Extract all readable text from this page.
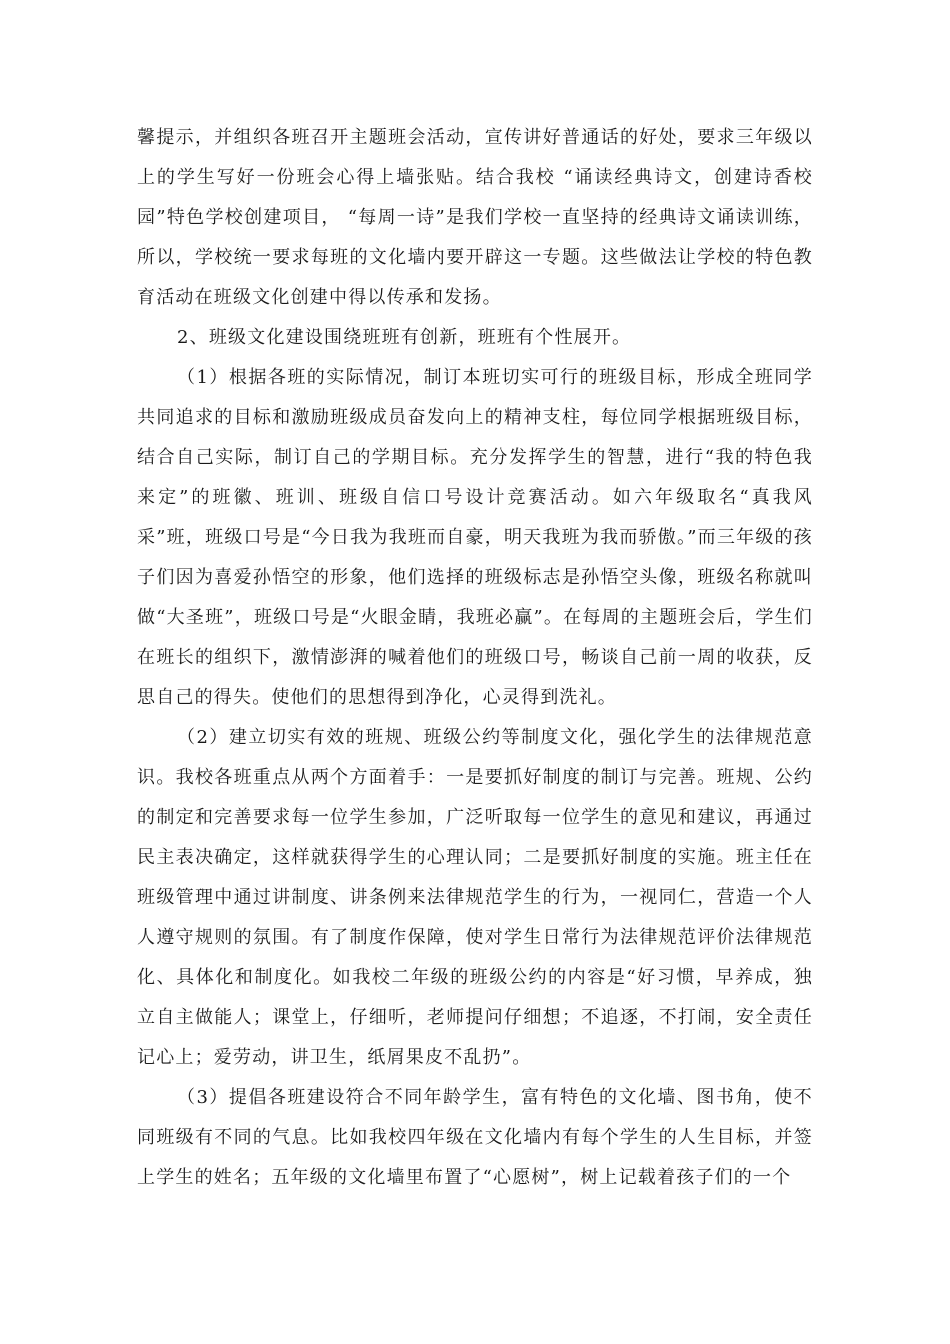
馨提示，并组织各班召开主题班会活动，宣传讲好普通话的好处，要求三年级以上的学生写好一份班会心得上墙张贴。结合我校 “诵读经典诗文，创建诗香校园”特色学校创建项目， “每周一诗”是我们学校一直坚持的经典诗文诵读训练，所以，学校统一要求每班的文化墙内要开辟这一专题。这些做法让学校的特色教育活动在班级文化创建中得以传承和发扬。

2、班级文化建设围绕班班有创新，班班有个性展开。

（1）根据各班的实际情况，制订本班切实可行的班级目标，形成全班同学共同追求的目标和激励班级成员奋发向上的精神支柱，每位同学根据班级目标，结合自己实际，制订自己的学期目标。充分发挥学生的智慧，进行“我的特色我来定”的班徽、班训、班级自信口号设计竞赛活动。如六年级取名“真我风采”班，班级口号是“今日我为我班而自豪，明天我班为我而骄傲。”而三年级的孩子们因为喜爱孙悟空的形象，他们选择的班级标志是孙悟空头像，班级名称就叫做“大圣班”，班级口号是“火眼金睛，我班必赢”。在每周的主题班会后，学生们在班长的组织下，激情澎湃的喊着他们的班级口号，畅谈自己前一周的收获，反思自己的得失。使他们的思想得到净化，心灵得到洗礼。

（2）建立切实有效的班规、班级公约等制度文化，强化学生的法律规范意识。我校各班重点从两个方面着手：一是要抓好制度的制订与完善。班规、公约的制定和完善要求每一位学生参加，广泛听取每一位学生的意见和建议，再通过民主表决确定，这样就获得学生的心理认同；二是要抓好制度的实施。班主任在班级管理中通过讲制度、讲条例来法律规范学生的行为，一视同仁，营造一个人人遵守规则的氛围。有了制度作保障，使对学生日常行为法律规范评价法律规范化、具体化和制度化。如我校二年级的班级公约的内容是“好习惯，早养成，独立自主做能人；课堂上，仔细听，老师提问仔细想；不追逐，不打闹，安全责任记心上；爱劳动，讲卫生，纸屑果皮不乱扔”。

（3）提倡各班建设符合不同年龄学生，富有特色的文化墙、图书角，使不同班级有不同的气息。比如我校四年级在文化墙内有每个学生的人生目标，并签上学生的姓名；五年级的文化墙里布置了“心愿树”，树上记载着孩子们的一个
